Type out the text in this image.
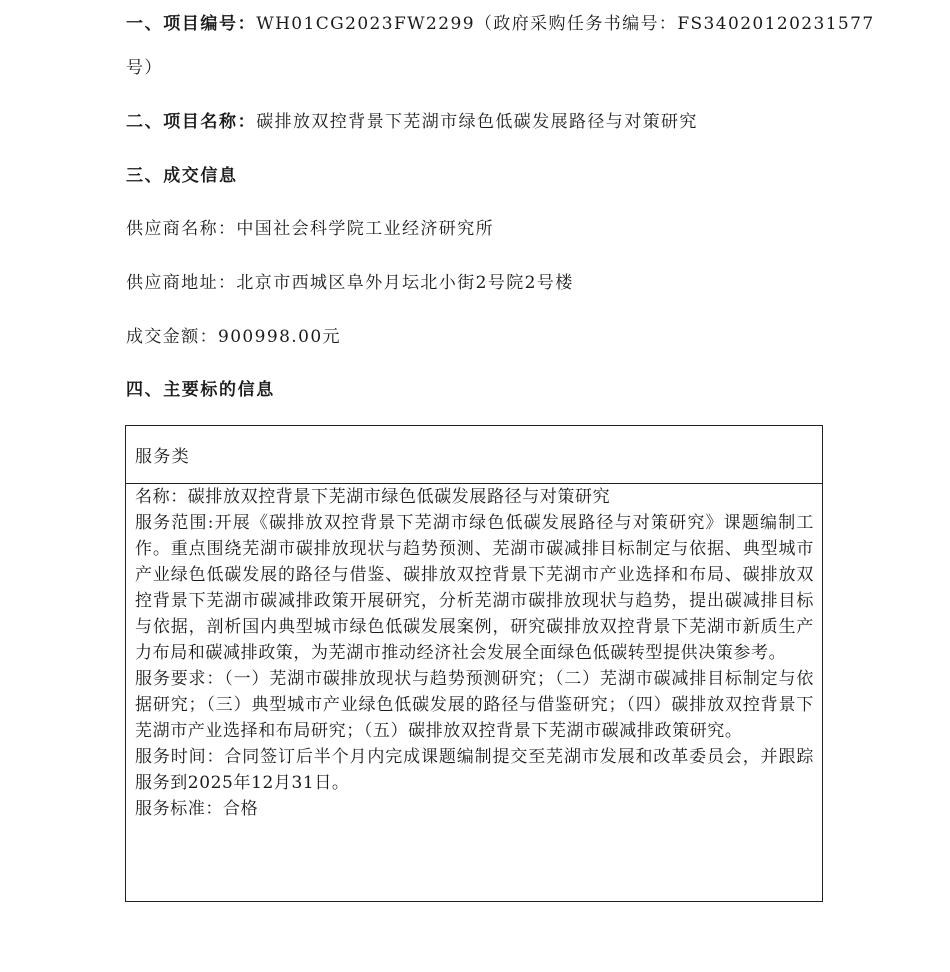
一、项目编号：WH01CG2023FW2299（政府采购任务书编号：FS34020120231577
号）
二、项目名称：碳排放双控背景下芜湖市绿色低碳发展路径与对策研究
三、成交信息
供应商名称：中国社会科学院工业经济研究所
供应商地址：北京市西城区阜外月坛北小街2号院2号楼
成交金额：900998.00元
四、主要标的信息
服务类

名称：碳排放双控背景下芜湖市绿色低碳发展路径与对策研究

服务范围:开展《碳排放双控背景下芜湖市绿色低碳发展路径与对策研究》课题编制工作。重点围绕芜湖市碳排放现状与趋势预测、芜湖市碳减排目标制定与依据、典型城市产业绿色低碳发展的路径与借鉴、碳排放双控背景下芜湖市产业选择和布局、碳排放双控背景下芜湖市碳减排政策开展研究，分析芜湖市碳排放现状与趋势，提出碳减排目标与依据，剖析国内典型城市绿色低碳发展案例，研究碳排放双控背景下芜湖市新质生产力布局和碳减排政策，为芜湖市推动经济社会发展全面绿色低碳转型提供决策参考。

服务要求：（一）芜湖市碳排放现状与趋势预测研究；（二）芜湖市碳减排目标制定与依据研究；（三）典型城市产业绿色低碳发展的路径与借鉴研究；（四）碳排放双控背景下芜湖市产业选择和布局研究；（五）碳排放双控背景下芜湖市碳减排政策研究。

服务时间：合同签订后半个月内完成课题编制提交至芜湖市发展和改革委员会，并跟踪服务到2025年12月31日。

服务标准：合格
